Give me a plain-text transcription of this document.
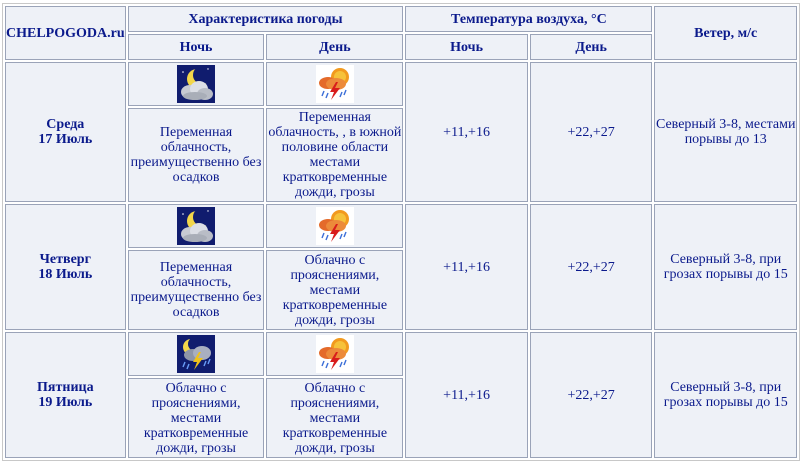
CHELPOGODA.ru	Характеристика погоды		Температура воздуха, °С		Ветер, м/с
	Ночь	День	Ночь	День	

Среда
17 Июль			+11,+16	+22,+27	Северный 3-8, местами порывы до 13
	Переменная облачность, преимущественно без осадков	Переменная облачность, , в южной половине области местами кратковременные дожди, грозы			

Четверг
18 Июль			+11,+16	+22,+27	Северный 3-8, при грозах порывы до 15
	Переменная облачность, преимущественно без осадков	Облачно с прояснениями, местами кратковременные дожди, грозы			

Пятница
19 Июль			+11,+16	+22,+27	Северный 3-8, при грозах порывы до 15
	Облачно с прояснениями, местами кратковременные дожди, грозы	Облачно с прояснениями, местами кратковременные дожди, грозы			
